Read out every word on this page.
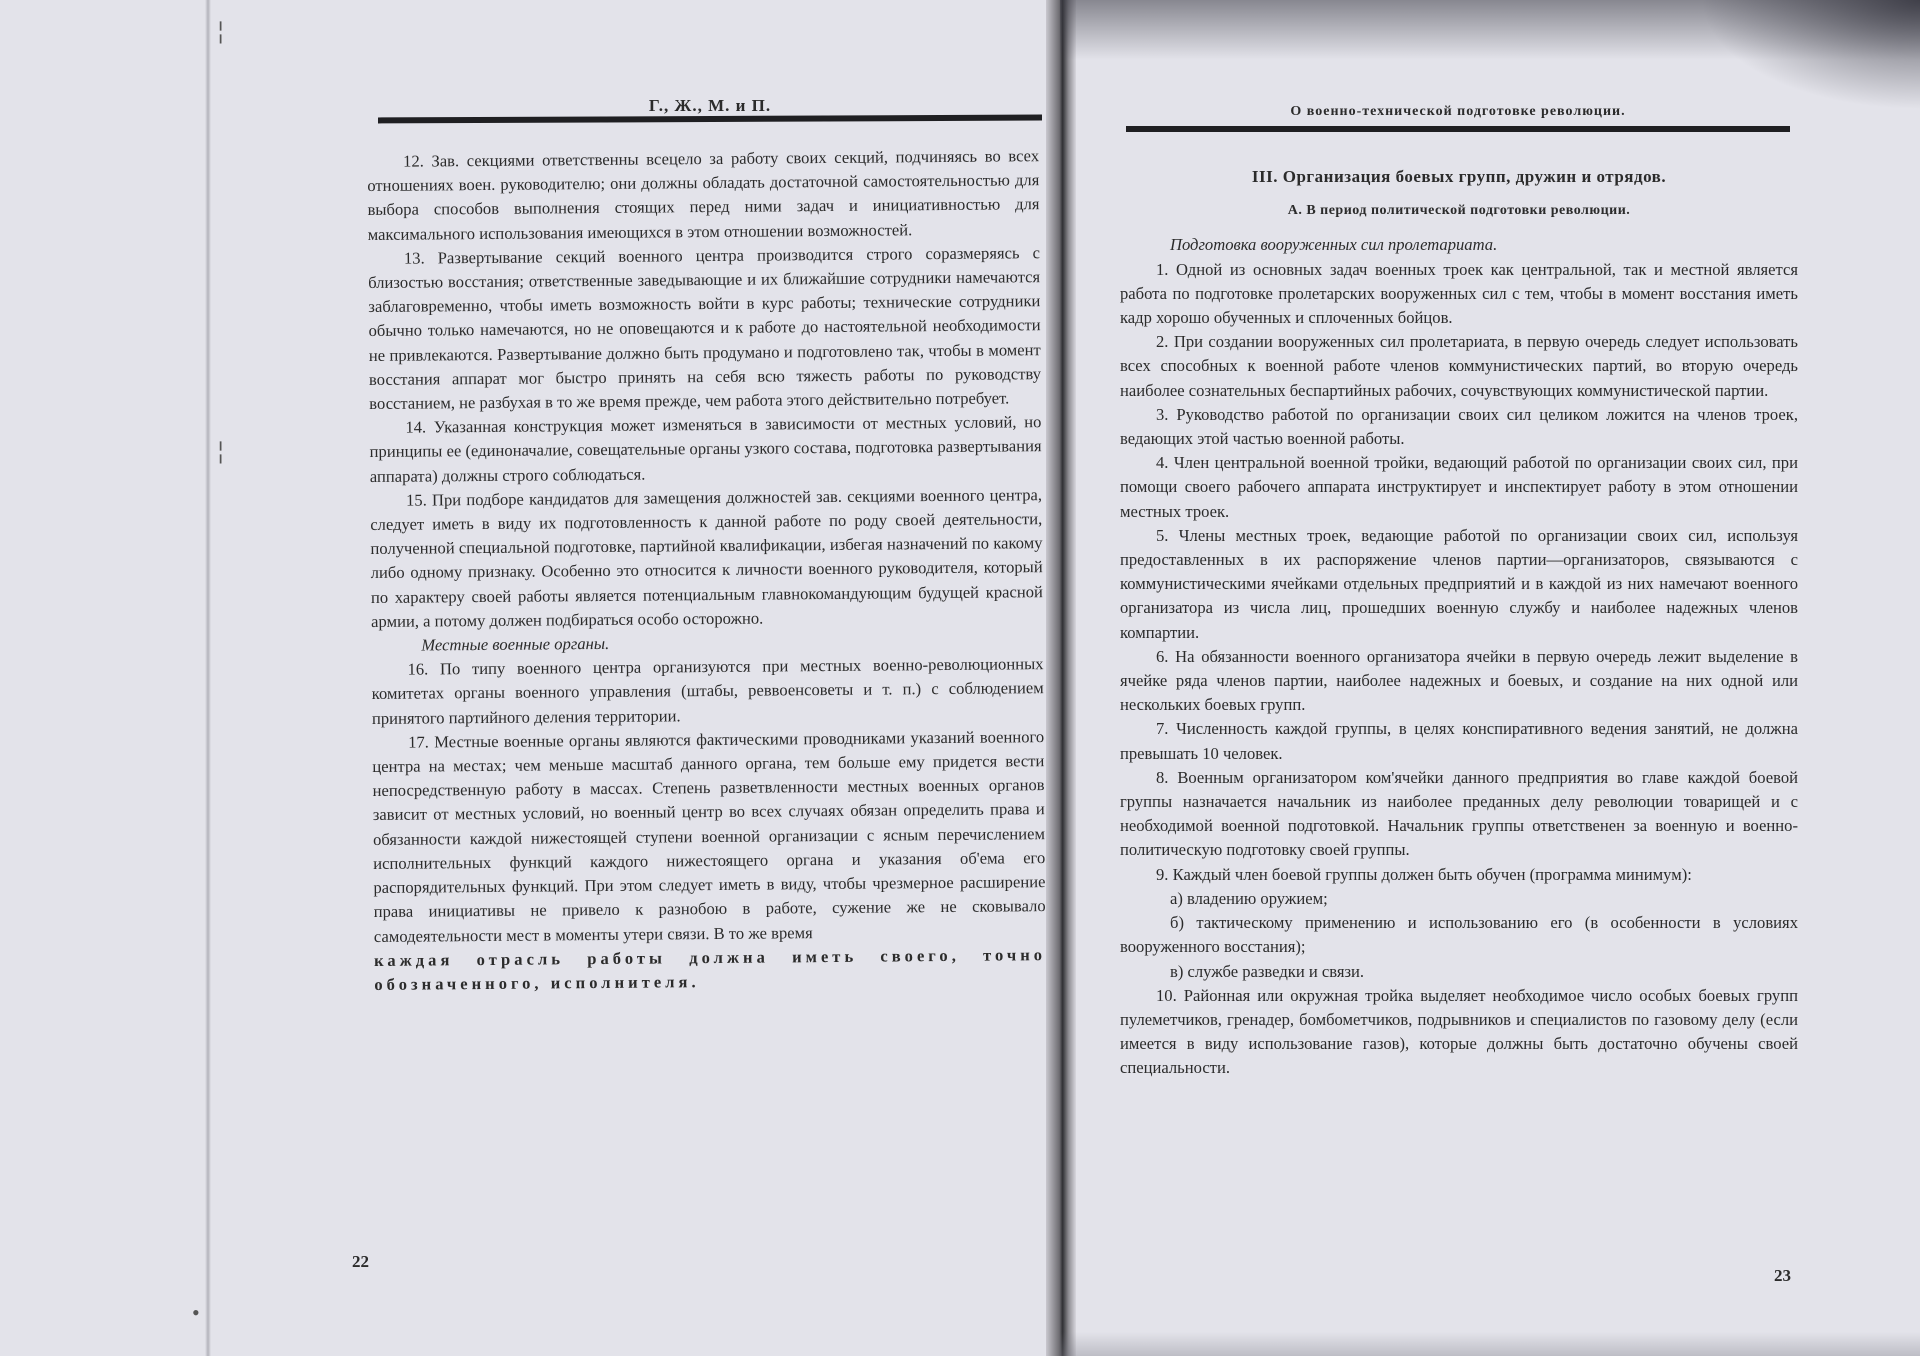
Г., Ж., М. и П.

12. Зав. секциями ответственны всецело за работу своих секций, подчиняясь во всех отношениях воен. руководителю; они должны обладать достаточной самостоятельностью для выбора способов выполнения стоящих перед ними задач и инициативностью для максимального использования имеющихся в этом отношении возможностей.

13. Развертывание секций военного центра производится строго соразмеряясь с близостью восстания; ответственные заведывающие и их ближайшие сотрудники намечаются заблаговременно, чтобы иметь возможность войти в курс работы; технические сотрудники обычно только намечаются, но не оповещаются и к работе до настоятельной необходимости не привлекаются. Развертывание должно быть продумано и подготовлено так, чтобы в момент восстания аппарат мог быстро принять на себя всю тяжесть работы по руководству восстанием, не разбухая в то же время прежде, чем работа этого действительно потребует.

14. Указанная конструкция может изменяться в зависимости от местных условий, но принципы ее (единоначалие, совещательные органы узкого состава, подготовка развертывания аппарата) должны строго соблюдаться.

15. При подборе кандидатов для замещения должностей зав. секциями военного центра, следует иметь в виду их подготовленность к данной работе по роду своей деятельности, полученной специальной подготовке, партийной квалификации, избегая назначений по какому либо одному признаку. Особенно это относится к личности военного руководителя, который по характеру своей работы является потенциальным главнокомандующим будущей красной армии, а потому должен подбираться особо осторожно.

Местные военные органы.

16. По типу военного центра организуются при местных военно-революционных комитетах органы военного управления (штабы, реввоенсоветы и т. п.) с соблюдением принятого партийного деления территории.

17. Местные военные органы являются фактическими проводниками указаний военного центра на местах; чем меньше масштаб данного органа, тем больше ему придется вести непосредственную работу в массах. Степень разветвленности местных военных органов зависит от местных условий, но военный центр во всех случаях обязан определить права и обязанности каждой нижестоящей ступени военной организации с ясным перечислением исполнительных функций каждого нижестоящего органа и указания об'ема его распорядительных функций. При этом следует иметь в виду, чтобы чрезмерное расширение права инициативы не привело к разнобою в работе, сужение же не сковывало самодеятельности мест в моменты утери связи. В то же время

каждая отрасль работы должна иметь своего, точно обозначенного, исполнителя.

22
О военно-технической подготовке революции.
III. Организация боевых групп, дружин и отрядов.
А. В период политической подготовки революции.

Подготовка вооруженных сил пролетариата.

1. Одной из основных задач военных троек как центральной, так и местной является работа по подготовке пролетарских вооруженных сил с тем, чтобы в момент восстания иметь кадр хорошо обученных и сплоченных бойцов.

2. При создании вооруженных сил пролетариата, в первую очередь следует использовать всех способных к военной работе членов коммунистических партий, во вторую очередь наиболее сознательных беспартийных рабочих, сочувствующих коммунистической партии.

3. Руководство работой по организации своих сил целиком ложится на членов троек, ведающих этой частью военной работы.

4. Член центральной военной тройки, ведающий работой по организации своих сил, при помощи своего рабочего аппарата инструктирует и инспектирует работу в этом отношении местных троек.

5. Члены местных троек, ведающие работой по организации своих сил, используя предоставленных в их распоряжение членов партии—организаторов, связываются с коммунистическими ячейками отдельных предприятий и в каждой из них намечают военного организатора из числа лиц, прошедших военную службу и наиболее надежных членов компартии.

6. На обязанности военного организатора ячейки в первую очередь лежит выделение в ячейке ряда членов партии, наиболее надежных и боевых, и создание на них одной или нескольких боевых групп.

7. Численность каждой группы, в целях конспиративного ведения занятий, не должна превышать 10 человек.

8. Военным организатором ком'ячейки данного предприятия во главе каждой боевой группы назначается начальник из наиболее преданных делу революции товарищей и с необходимой военной подготовкой. Начальник группы ответственен за военную и военно-политическую подготовку своей группы.

9. Каждый член боевой группы должен быть обучен (программа минимум):

а) владению оружием;

б) тактическому применению и использованию его (в особенности в условиях вооруженного восстания);

в) службе разведки и связи.

10. Районная или окружная тройка выделяет необходимое число особых боевых групп пулеметчиков, гренадер, бомбометчиков, подрывников и специалистов по газовому делу (если имеется в виду использование газов), которые должны быть достаточно обучены своей специальности.

23
╎
╎
•
